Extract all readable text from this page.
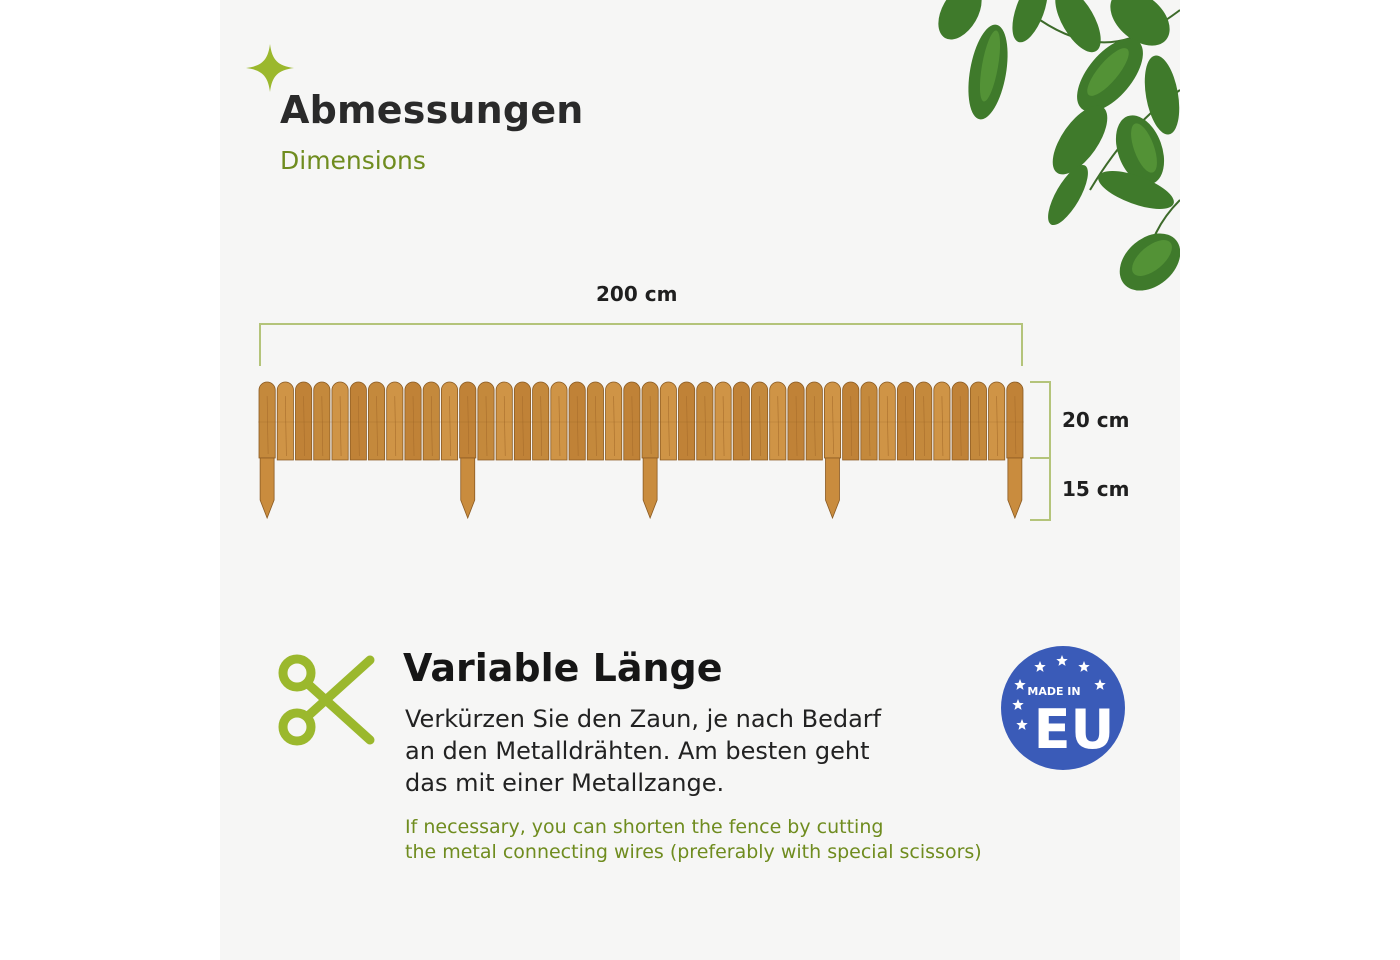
Abmessungen

Dimensions

200 cm
20 cm
15 cm
Variable Länge

Verkürzen Sie den Zaun, je nach Bedarf
an den Metalldrähten. Am besten geht
das mit einer Metallzange.

If necessary, you can shorten the fence by cutting
the metal connecting wires (preferably with special scissors)

MADE IN
EU
